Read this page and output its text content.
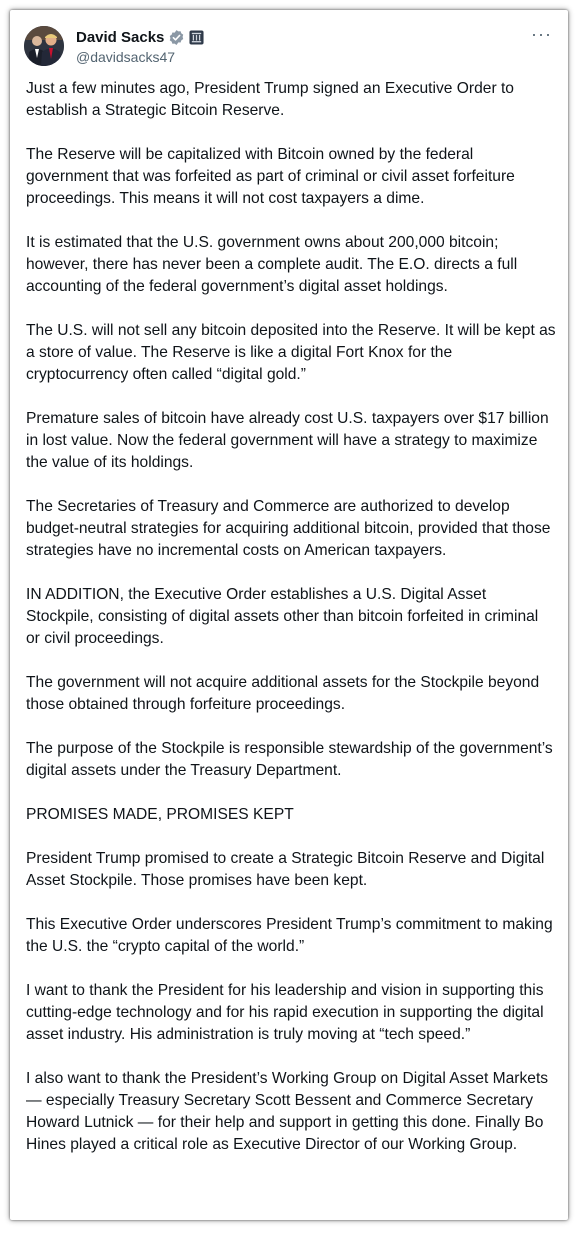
David Sacks
@davidsacks47
···

Just a few minutes ago, President Trump signed an Executive Order to establish a Strategic Bitcoin Reserve.

The Reserve will be capitalized with Bitcoin owned by the federal government that was forfeited as part of criminal or civil asset forfeiture proceedings. This means it will not cost taxpayers a dime.

It is estimated that the U.S. government owns about 200,000 bitcoin; however, there has never been a complete audit. The E.O. directs a full accounting of the federal government’s digital asset holdings.

The U.S. will not sell any bitcoin deposited into the Reserve. It will be kept as a store of value. The Reserve is like a digital Fort Knox for the cryptocurrency often called “digital gold.”

Premature sales of bitcoin have already cost U.S. taxpayers over $17 billion in lost value. Now the federal government will have a strategy to maximize the value of its holdings.

The Secretaries of Treasury and Commerce are authorized to develop budget-neutral strategies for acquiring additional bitcoin, provided that those strategies have no incremental costs on American taxpayers.

IN ADDITION, the Executive Order establishes a U.S. Digital Asset Stockpile, consisting of digital assets other than bitcoin forfeited in criminal or civil proceedings.

The government will not acquire additional assets for the Stockpile beyond those obtained through forfeiture proceedings.

The purpose of the Stockpile is responsible stewardship of the government’s digital assets under the Treasury Department.

PROMISES MADE, PROMISES KEPT

President Trump promised to create a Strategic Bitcoin Reserve and Digital Asset Stockpile. Those promises have been kept.

This Executive Order underscores President Trump’s commitment to making the U.S. the “crypto capital of the world.”

I want to thank the President for his leadership and vision in supporting this cutting-edge technology and for his rapid execution in supporting the digital asset industry. His administration is truly moving at “tech speed.”

I also want to thank the President’s Working Group on Digital Asset Markets — especially Treasury Secretary Scott Bessent and Commerce Secretary Howard Lutnick — for their help and support in getting this done. Finally Bo Hines played a critical role as Executive Director of our Working Group.
